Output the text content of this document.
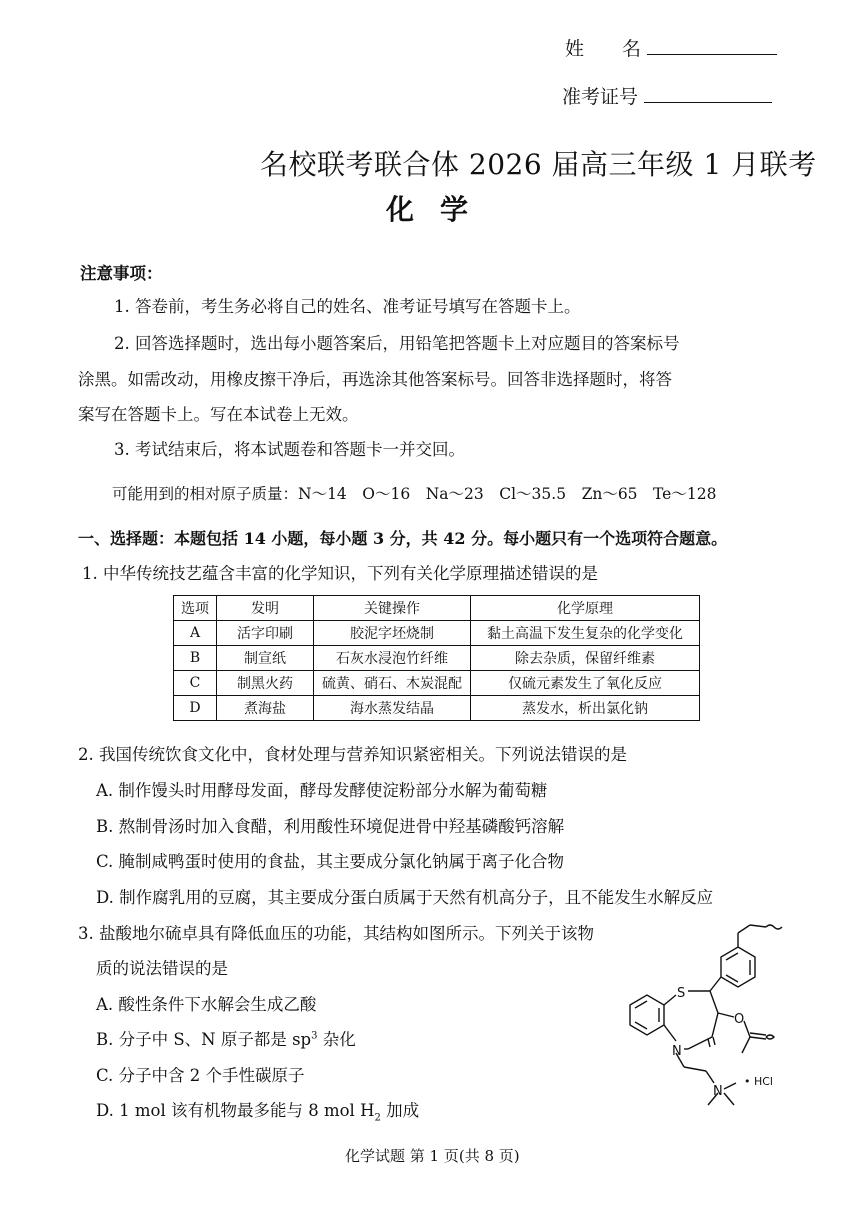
姓　　名
准考证号
名校联考联合体 2026 届高三年级 1 月联考
化学
注意事项：
1. 答卷前，考生务必将自己的姓名、准考证号填写在答题卡上。
2. 回答选择题时，选出每小题答案后，用铅笔把答题卡上对应题目的答案标号
涂黑。如需改动，用橡皮擦干净后，再选涂其他答案标号。回答非选择题时，将答
案写在答题卡上。写在本试卷上无效。
3. 考试结束后，将本试题卷和答题卡一并交回。
可能用到的相对原子质量：N～14　O～16　Na～23　Cl～35.5　Zn～65　Te～128
一、选择题：本题包括 14 小题，每小题 3 分，共 42 分。每小题只有一个选项符合题意。
1. 中华传统技艺蕴含丰富的化学知识，下列有关化学原理描述错误的是
选项	发明	关键操作	化学原理
A	活字印刷	胶泥字坯烧制	黏土高温下发生复杂的化学变化
B	制宣纸	石灰水浸泡竹纤维	除去杂质，保留纤维素
C	制黑火药	硫黄、硝石、木炭混配	仅硫元素发生了氧化反应
D	煮海盐	海水蒸发结晶	蒸发水，析出氯化钠
2. 我国传统饮食文化中，食材处理与营养知识紧密相关。下列说法错误的是
A. 制作馒头时用酵母发面，酵母发酵使淀粉部分水解为葡萄糖
B. 熬制骨汤时加入食醋，利用酸性环境促进骨中羟基磷酸钙溶解
C. 腌制咸鸭蛋时使用的食盐，其主要成分氯化钠属于离子化合物
D. 制作腐乳用的豆腐，其主要成分蛋白质属于天然有机高分子，且不能发生水解反应
3. 盐酸地尔硫卓具有降低血压的功能，其结构如图所示。下列关于该物
质的说法错误的是
A. 酸性条件下水解会生成乙酸
B. 分子中 S、N 原子都是 $sp^3$ 杂化
C. 分子中含 2 个手性碳原子
D. 1 mol 该有机物最多能与 8 mol $H_2$ 加成
S
O
N
N
• HCl
化学试题 第 1 页(共 8 页)
